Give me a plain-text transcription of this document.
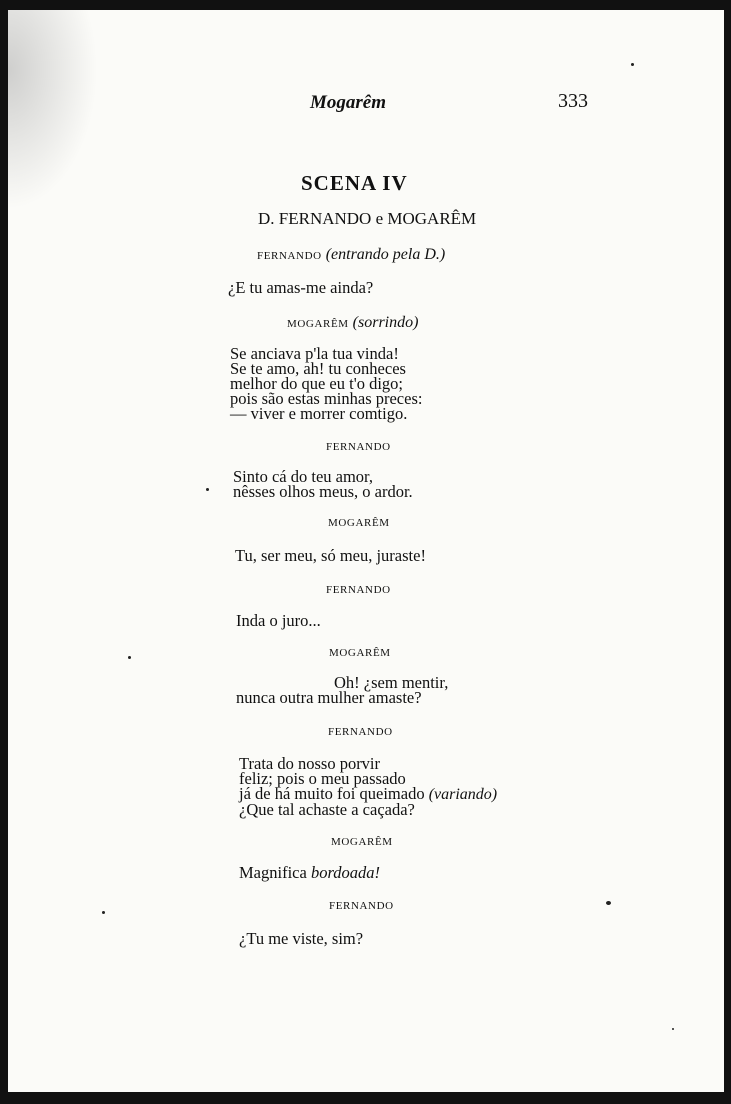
Mogarêm	333
SCENA IV
D. FERNANDO e MOGARÊM
FERNANDO (entrando pela D.)
¿E tu amas-me ainda?
MOGARÊM (sorrindo)
Se anciava p'la tua vinda!
Se te amo, ah! tu conheces
melhor do que eu t'o digo;
pois são estas minhas preces:
— viver e morrer comtigo.
FERNANDO
Sinto cá do teu amor,
nêsses olhos meus, o ardor.
MOGARÊM
Tu, ser meu, só meu, juraste!
FERNANDO
Inda o juro...
MOGARÊM
Oh! ¿sem mentir,
nunca outra mulher amaste?
FERNANDO
Trata do nosso porvir
feliz; pois o meu passado
já de há muito foi queimado (variando)
¿Que tal achaste a caçada?
MOGARÊM
Magnifica bordoada!
FERNANDO
¿Tu me viste, sim?
